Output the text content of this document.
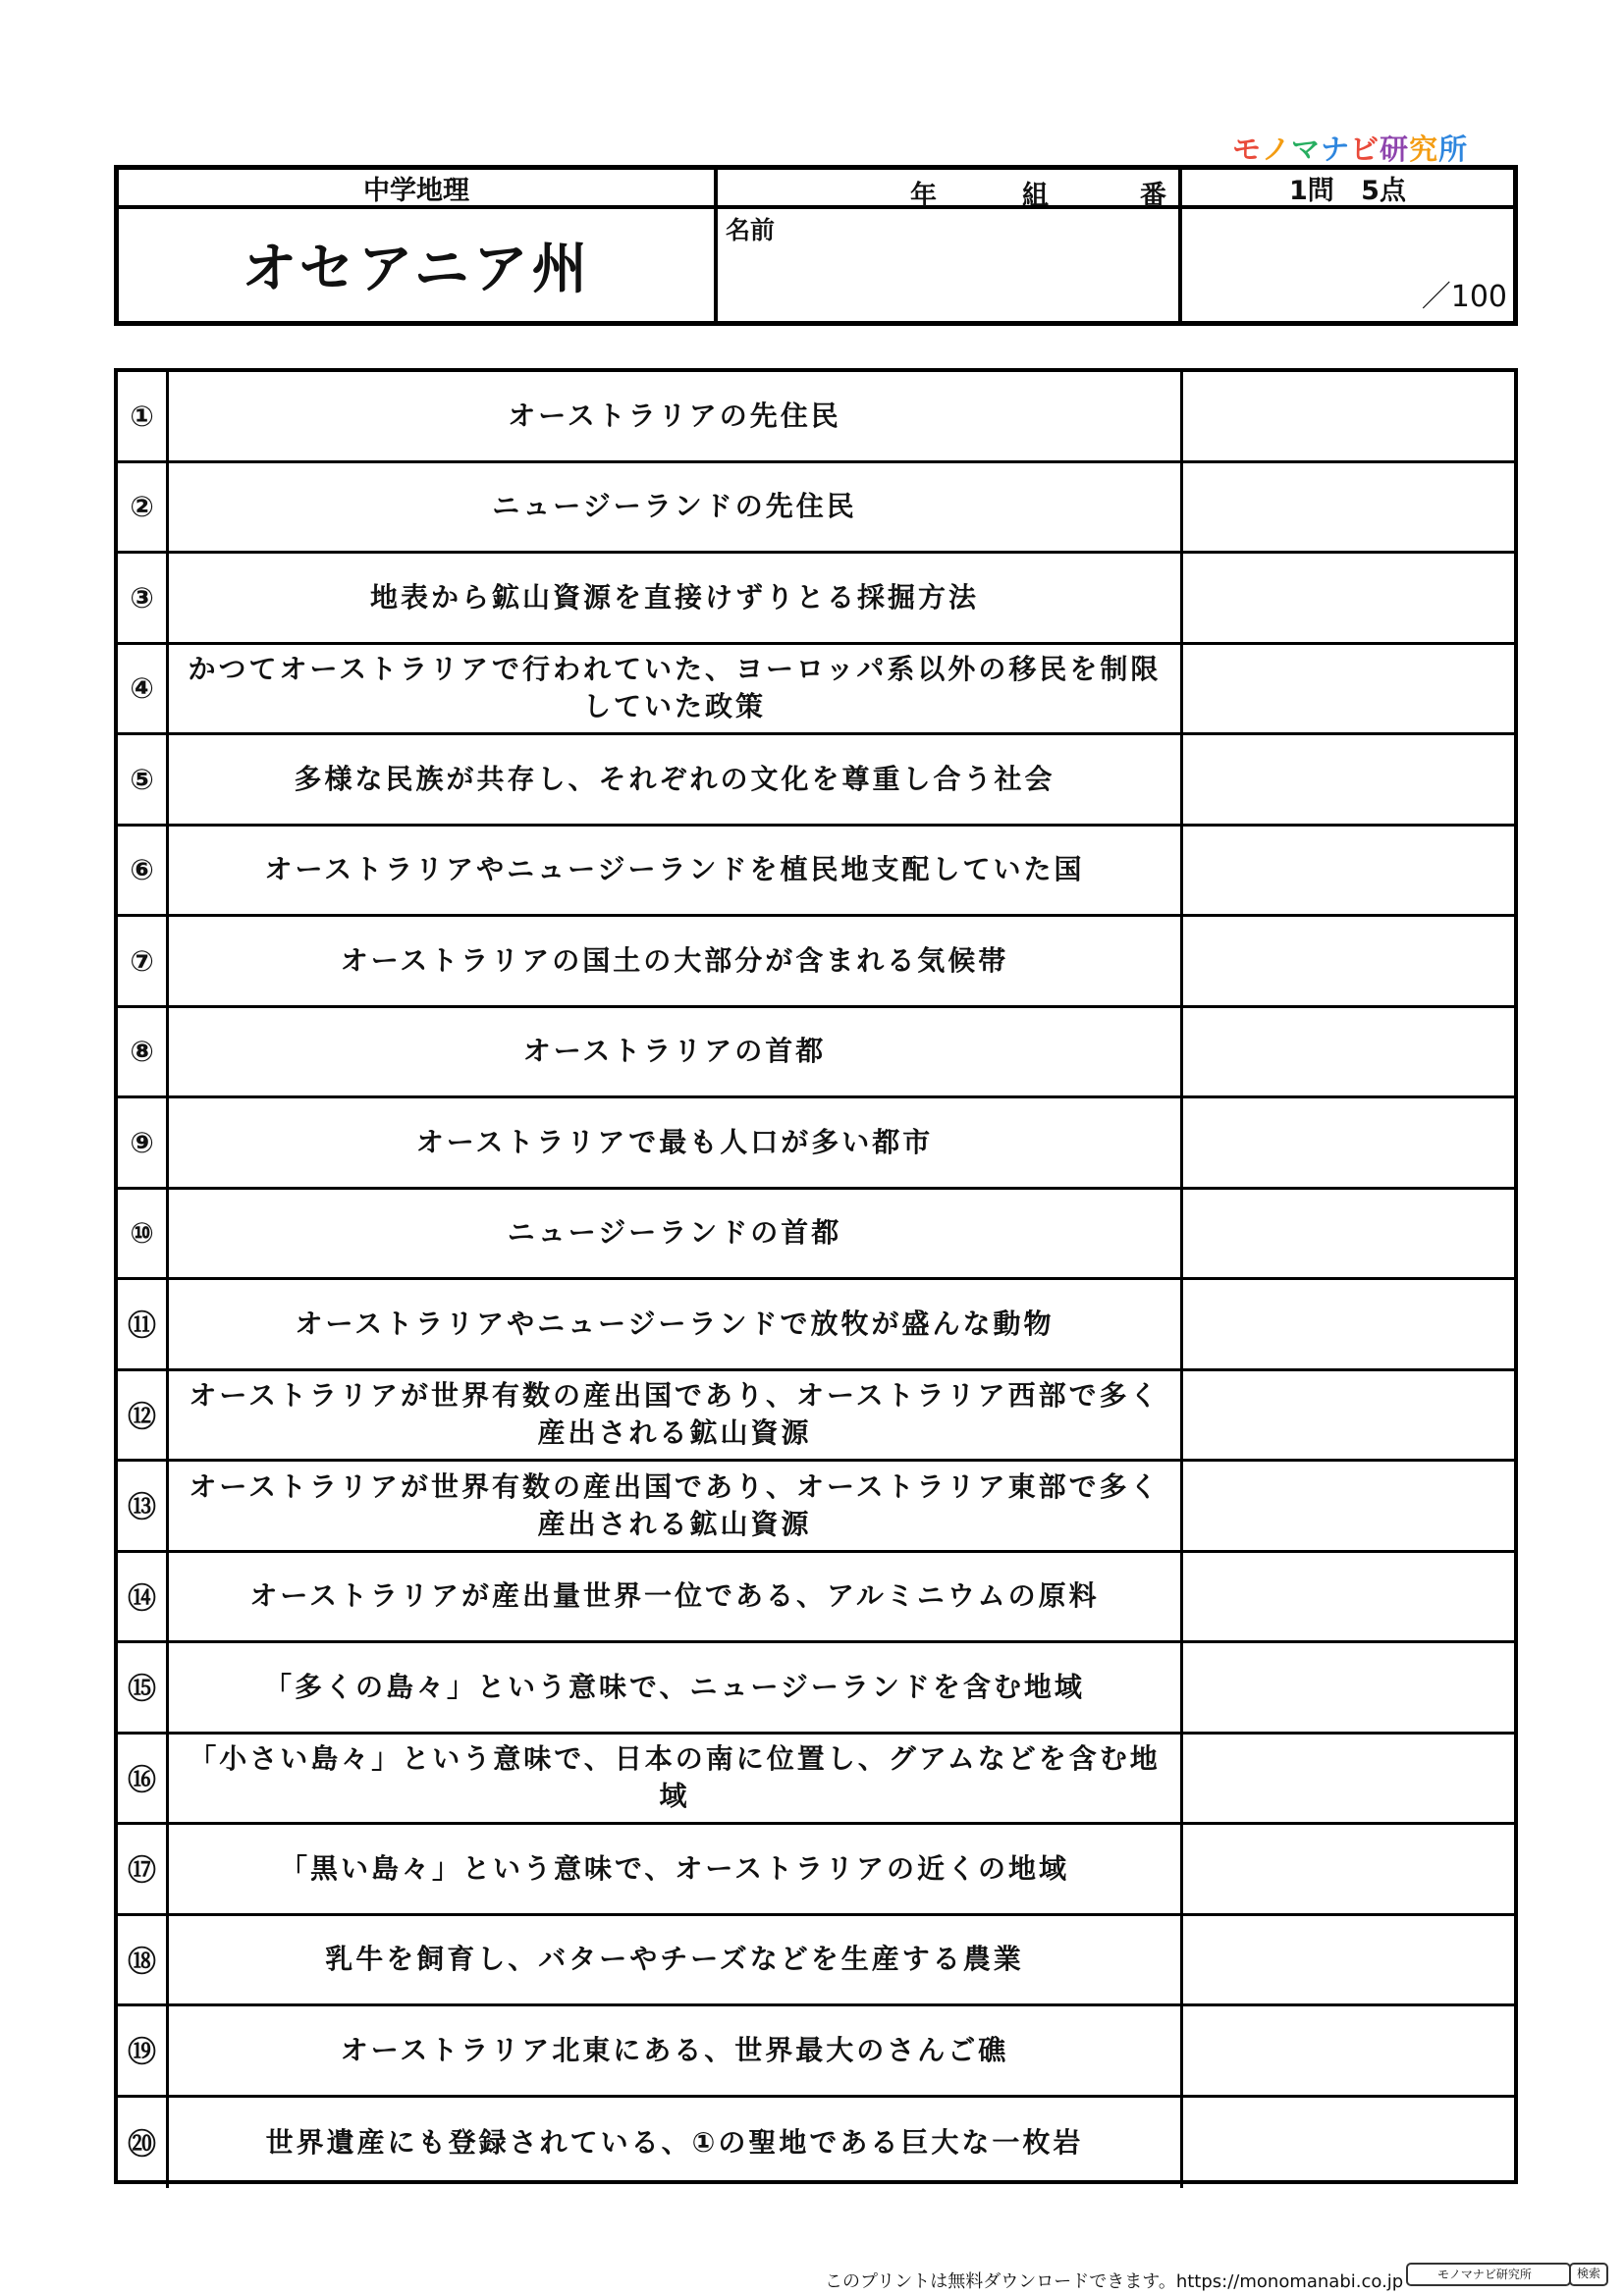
モノマナビ研究所
中学地理	年	組	番	1問 5点
オセアニア州
名前
／100
①	オーストラリアの先住民
②	ニュージーランドの先住民
③	地表から鉱山資源を直接けずりとる採掘方法
④
かつてオーストラリアで行われていた、ヨーロッパ系以外の移民を制限していた政策
⑤	多様な民族が共存し、それぞれの文化を尊重し合う社会
⑥	オーストラリアやニュージーランドを植民地支配していた国
⑦	オーストラリアの国土の大部分が含まれる気候帯
⑧	オーストラリアの首都
⑨	オーストラリアで最も人口が多い都市
⑩	ニュージーランドの首都
⑪	オーストラリアやニュージーランドで放牧が盛んな動物
⑫
オーストラリアが世界有数の産出国であり、オーストラリア西部で多く産出される鉱山資源
⑬
オーストラリアが世界有数の産出国であり、オーストラリア東部で多く産出される鉱山資源
⑭	オーストラリアが産出量世界一位である、アルミニウムの原料
⑮	「多くの島々」という意味で、ニュージーランドを含む地域
⑯
「小さい島々」という意味で、日本の南に位置し、グアムなどを含む地域
⑰	「黒い島々」という意味で、オーストラリアの近くの地域
⑱	乳牛を飼育し、バターやチーズなどを生産する農業
⑲	オーストラリア北東にある、世界最大のさんご礁
⑳	世界遺産にも登録されている、①の聖地である巨大な一枚岩
このプリントは無料ダウンロードできます。https://monomanabi.co.jp	モノマナビ研究所	検索
